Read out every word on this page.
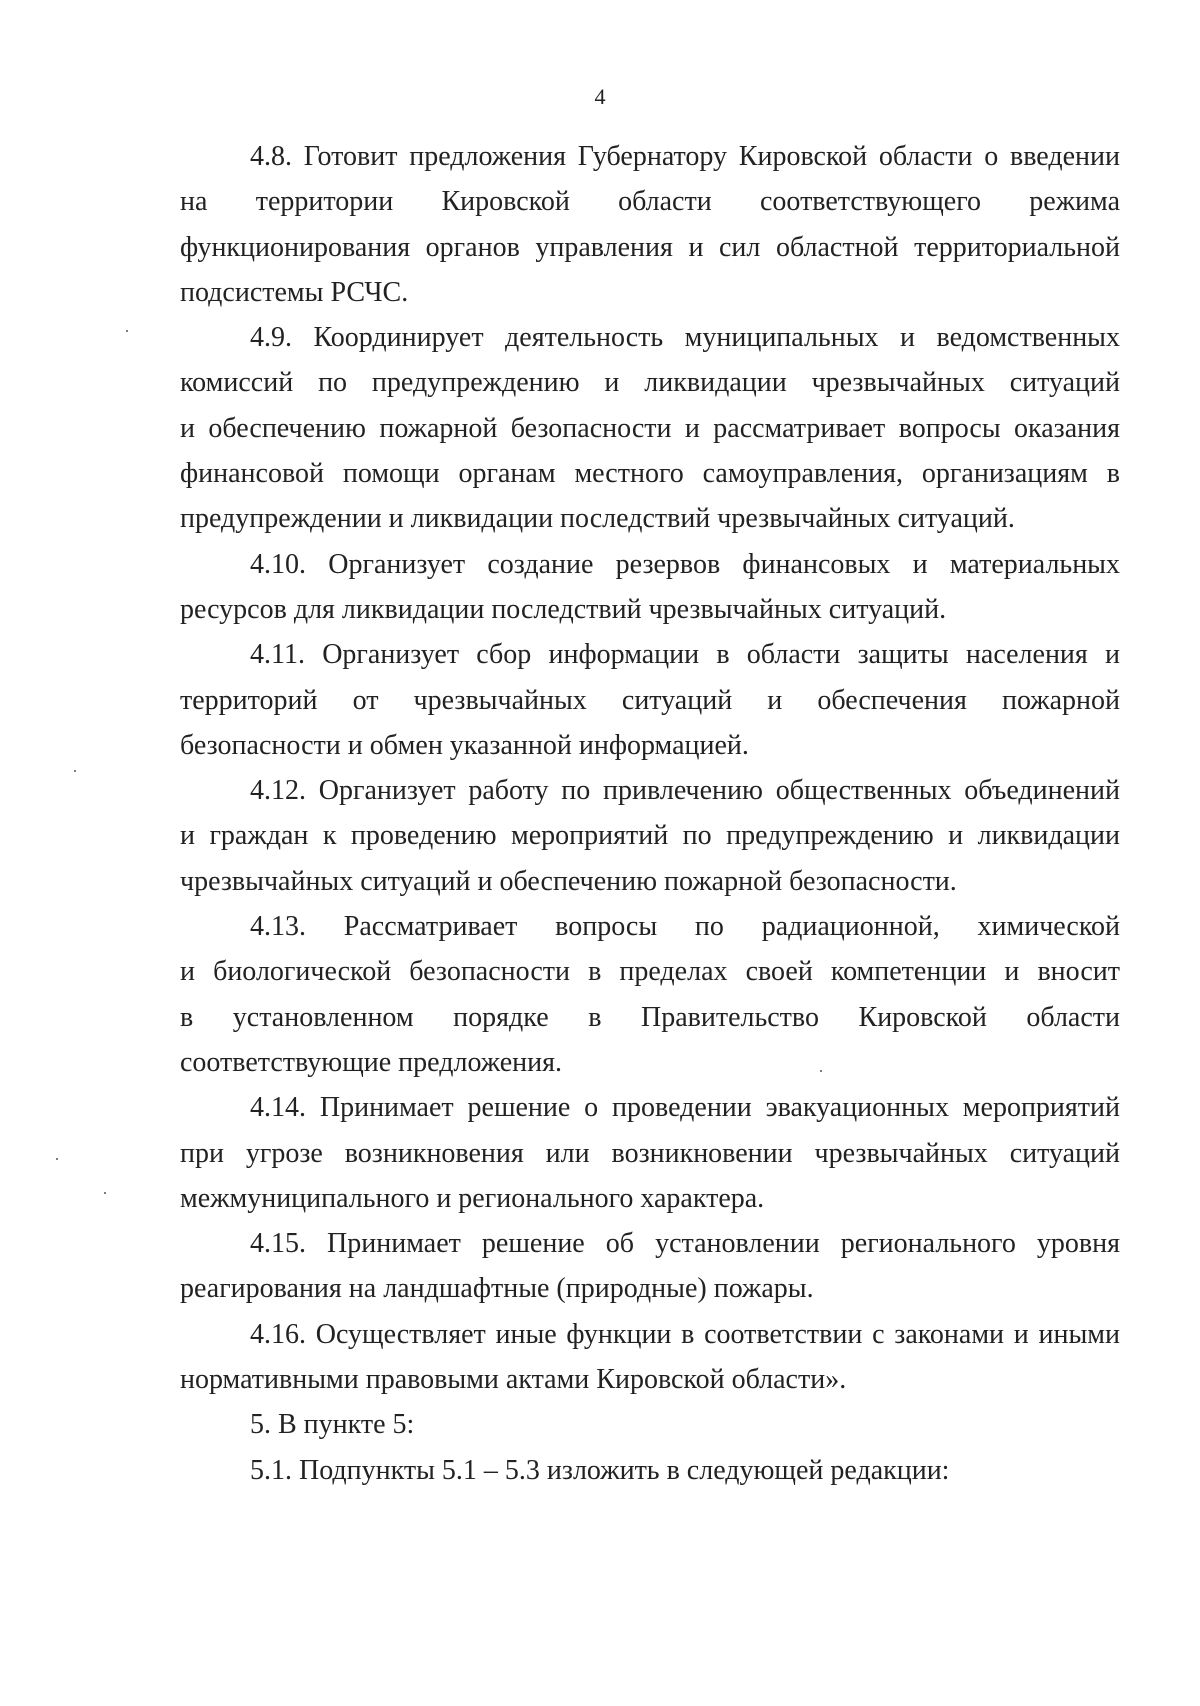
4
4.8. Готовит предложения Губернатору Кировской области о введении
на территории Кировской области соответствующего режима
функционирования органов управления и сил областной территориальной
подсистемы РСЧС.
4.9. Координирует деятельность муниципальных и ведомственных
комиссий по предупреждению и ликвидации чрезвычайных ситуаций
и обеспечению пожарной безопасности и рассматривает вопросы оказания
финансовой помощи органам местного самоуправления, организациям в
предупреждении и ликвидации последствий чрезвычайных ситуаций.
4.10. Организует создание резервов финансовых и материальных
ресурсов для ликвидации последствий чрезвычайных ситуаций.
4.11. Организует сбор информации в области защиты населения и
территорий от чрезвычайных ситуаций и обеспечения пожарной
безопасности и обмен указанной информацией.
4.12. Организует работу по привлечению общественных объединений
и граждан к проведению мероприятий по предупреждению и ликвидации
чрезвычайных ситуаций и обеспечению пожарной безопасности.
4.13. Рассматривает вопросы по радиационной, химической
и биологической безопасности в пределах своей компетенции и вносит
в установленном порядке в Правительство Кировской области
соответствующие предложения.
4.14. Принимает решение о проведении эвакуационных мероприятий
при угрозе возникновения или возникновении чрезвычайных ситуаций
межмуниципального и регионального характера.
4.15. Принимает решение об установлении регионального уровня
реагирования на ландшафтные (природные) пожары.
4.16. Осуществляет иные функции в соответствии с законами и иными
нормативными правовыми актами Кировской области».
5. В пункте 5:
5.1. Подпункты 5.1 – 5.3 изложить в следующей редакции:
